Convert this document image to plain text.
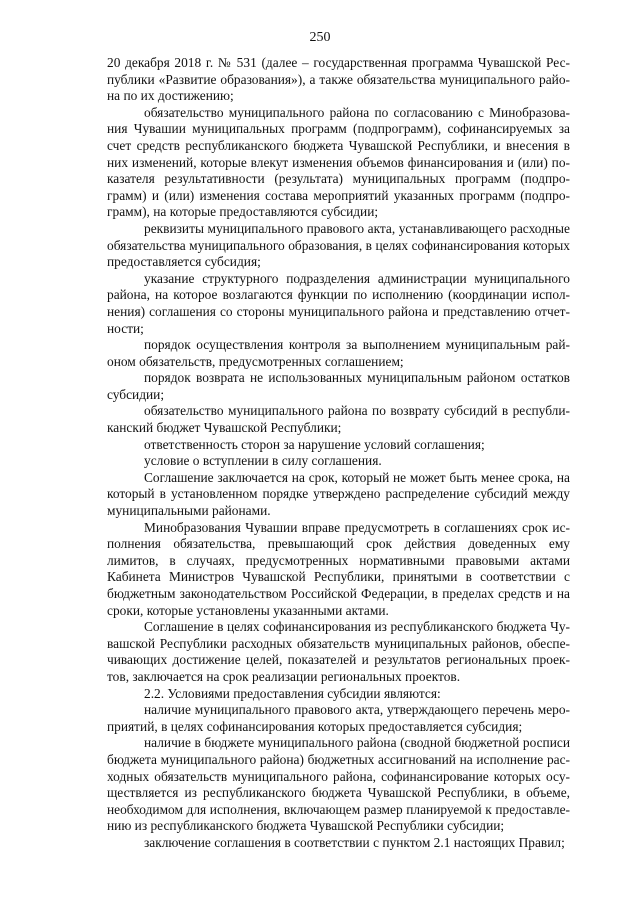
250

20 декабря 2018 г. № 531 (далее – государственная программа Чувашской Республики «Развитие образования»), а также обязательства муниципального района по их достижению;

обязательство муниципального района по согласованию с Минобразования Чувашии муниципальных программ (подпрограмм), софинансируемых за счет средств республиканского бюджета Чувашской Республики, и внесения в них изменений, которые влекут изменения объемов финансирования и (или) показателя результативности (результата) муниципальных программ (подпрограмм) и (или) изменения состава мероприятий указанных программ (подпрограмм), на которые предоставляются субсидии;

реквизиты муниципального правового акта, устанавливающего расходные обязательства муниципального образования, в целях софинансирования которых предоставляется субсидия;

указание структурного подразделения администрации муниципального района, на которое возлагаются функции по исполнению (координации исполнения) соглашения со стороны муниципального района и представлению отчетности;

порядок осуществления контроля за выполнением муниципальным районом обязательств, предусмотренных соглашением;

порядок возврата не использованных муниципальным районом остатков субсидии;

обязательство муниципального района по возврату субсидий в республиканский бюджет Чувашской Республики;

ответственность сторон за нарушение условий соглашения;

условие о вступлении в силу соглашения.

Соглашение заключается на срок, который не может быть менее срока, на который в установленном порядке утверждено распределение субсидий между муниципальными районами.

Минобразования Чувашии вправе предусмотреть в соглашениях срок исполнения обязательства, превышающий срок действия доведенных ему лимитов, в случаях, предусмотренных нормативными правовыми актами Кабинета Министров Чувашской Республики, принятыми в соответствии с бюджетным законодательством Российской Федерации, в пределах средств и на сроки, которые установлены указанными актами.

Соглашение в целях софинансирования из республиканского бюджета Чувашской Республики расходных обязательств муниципальных районов, обеспечивающих достижение целей, показателей и результатов региональных проектов, заключается на срок реализации региональных проектов.

2.2. Условиями предоставления субсидии являются:

наличие муниципального правового акта, утверждающего перечень мероприятий, в целях софинансирования которых предоставляется субсидия;

наличие в бюджете муниципального района (сводной бюджетной росписи бюджета муниципального района) бюджетных ассигнований на исполнение расходных обязательств муниципального района, софинансирование которых осуществляется из республиканского бюджета Чувашской Республики, в объеме, необходимом для исполнения, включающем размер планируемой к предоставлению из республиканского бюджета Чувашской Республики субсидии;

заключение соглашения в соответствии с пунктом 2.1 настоящих Правил;
